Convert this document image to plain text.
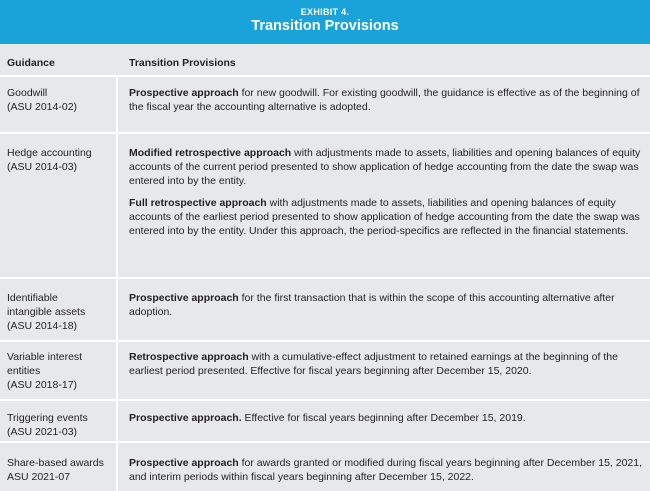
EXHIBIT 4.
Transition Provisions
Guidance	Transition Provisions
Goodwill
(ASU 2014-02)
Prospective approach for new goodwill. For existing goodwill, the guidance is effective as of the beginning of the fiscal year the accounting alternative is adopted.
Hedge accounting
(ASU 2014-03)
Modified retrospective approach with adjustments made to assets, liabilities and opening balances of equity accounts of the current period presented to show application of hedge accounting from the date the swap was entered into by the entity.
Full retrospective approach with adjustments made to assets, liabilities and opening balances of equity accounts of the earliest period presented to show application of hedge accounting from the date the swap was entered into by the entity. Under this approach, the period-specifics are reflected in the financial statements.
Identifiable
intangible assets
(ASU 2014-18)
Prospective approach for the first transaction that is within the scope of this accounting alternative after adoption.
Variable interest
entities
(ASU 2018-17)
Retrospective approach with a cumulative-effect adjustment to retained earnings at the beginning of the earliest period presented. Effective for fiscal years beginning after December 15, 2020.
Triggering events
(ASU 2021-03)
Prospective approach. Effective for fiscal years beginning after December 15, 2019.
Share-based awards
ASU 2021-07
Prospective approach for awards granted or modified during fiscal years beginning after December 15, 2021, and interim periods within fiscal years beginning after December 15, 2022.
